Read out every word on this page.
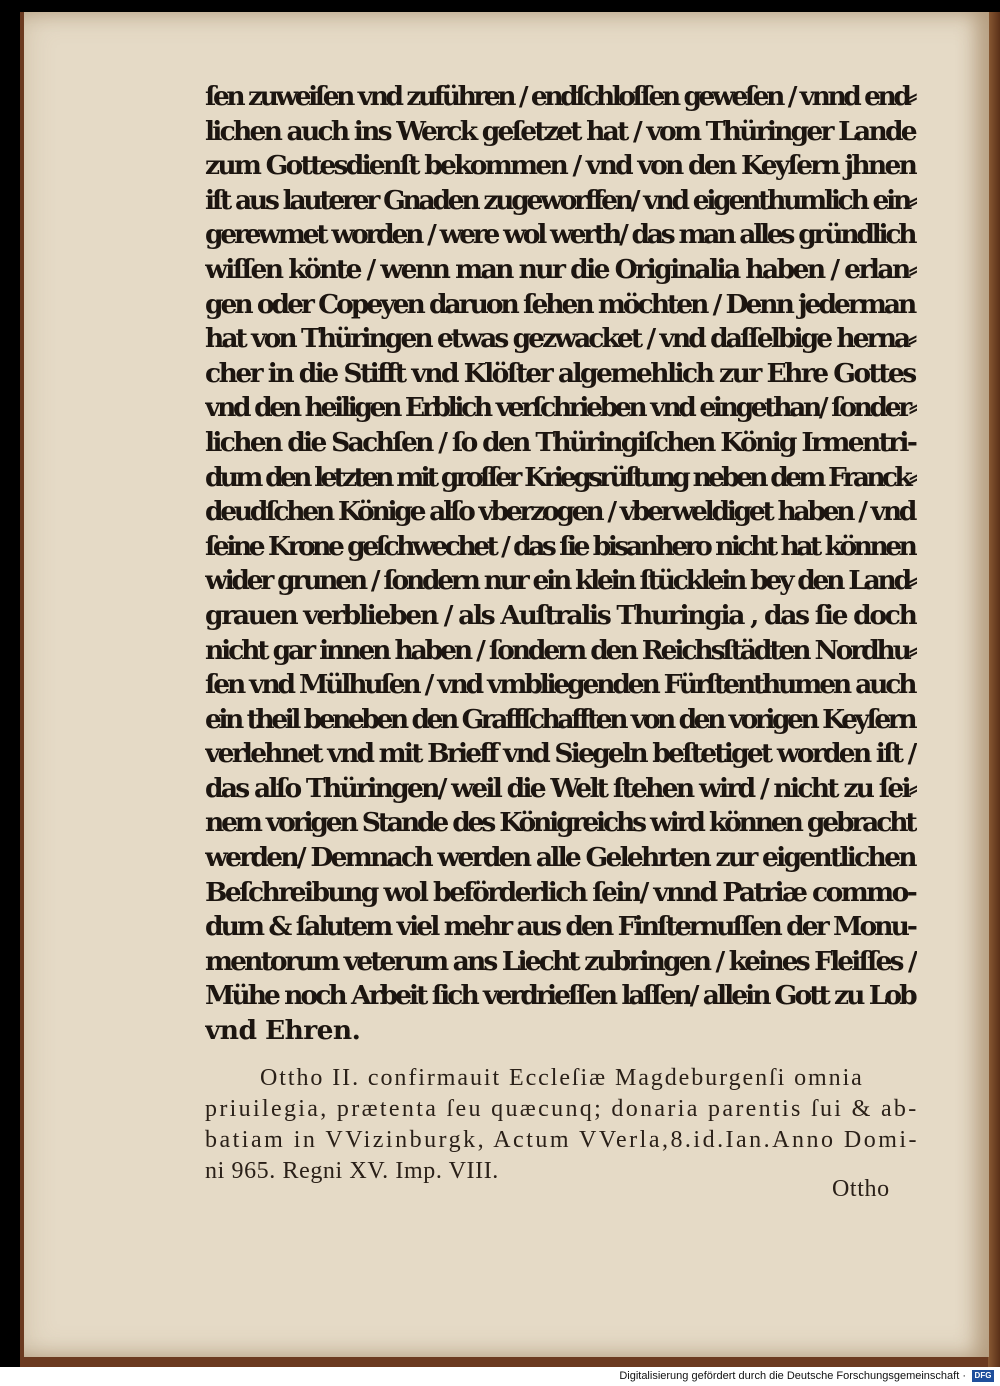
ſen zuweiſen vnd zuführen / endſchloſſen geweſen / vnnd end⸗
lichen auch ins Werck geſetzet hat / vom Thüringer Lande
zum Gottesdienſt bekommen / vnd von den Keyſern jhnen
iſt aus lauterer Gnaden zugeworffen/ vnd eigenthumlich ein⸗
gerewmet worden / were wol werth/ das man alles gründlich
wiſſen könte / wenn man nur die Originalia haben / erlan⸗
gen oder Copeyen daruon ſehen möchten / Denn jederman
hat von Thüringen etwas gezwacket / vnd daſſelbige herna⸗
cher in die Stifft vnd Klöſter algemehlich zur Ehre Gottes
vnd den heiligen Erblich verſchrieben vnd eingethan/ ſonder⸗
lichen die Sachſen / ſo den Thüringiſchen König Irmentri-
dum den letzten mit groſſer Kriegsrüſtung neben dem Franck⸗
deudſchen Könige alſo vberzogen / vberweldiget haben / vnd
ſeine Krone geſchwechet / das ſie bisanhero nicht hat können
wider grunen / ſondern nur ein klein ſtücklein bey den Land⸗
grauen verblieben / als Auſtralis Thuringia , das ſie doch
nicht gar innen haben / ſondern den Reichsſtädten Nordhu⸗
ſen vnd Mülhuſen / vnd vmbliegenden Fürſtenthumen auch
ein theil beneben den Graffſchafften von den vorigen Keyſern
verlehnet vnd mit Brieff vnd Siegeln beſtetiget worden iſt /
das alſo Thüringen/ weil die Welt ſtehen wird / nicht zu ſei⸗
nem vorigen Stande des Königreichs wird können gebracht
werden/ Demnach werden alle Gelehrten zur eigentlichen
Beſchreibung wol beförderlich ſein/ vnnd Patriæ commo-
dum & ſalutem viel mehr aus den Finſternuſſen der Monu-
mentorum veterum ans Liecht zubringen / keines Fleiſſes /
Mühe noch Arbeit ſich verdrieſſen laſſen/ allein Gott zu Lob
vnd Ehren.
Ottho II. confirmauit Eccleſiæ Magdeburgenſi omnia
priuilegia, prætenta ſeu quæcunq; donaria parentis ſui & ab-
batiam in VVizinburgk, Actum VVerla,8.id.Ian.Anno Domi-
ni 965. Regni XV. Imp. VIII.
Ottho
Digitalisierung gefördert durch die Deutsche Forschungsgemeinschaft · DFG
